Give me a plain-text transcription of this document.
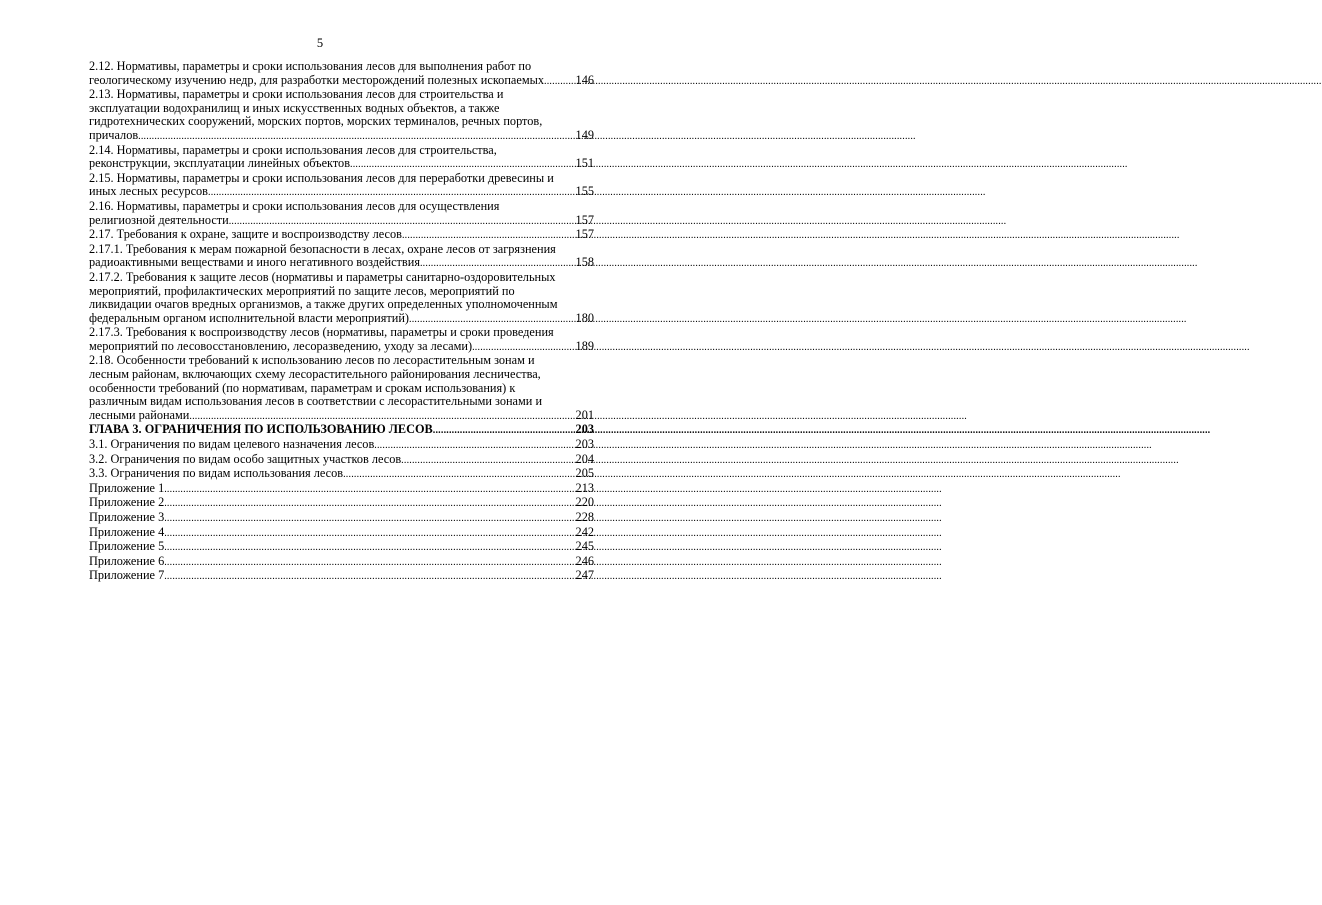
5
2.12. Нормативы, параметры и сроки использования лесов для выполнения работ по
геологическому изучению недр, для разработки месторождений полезных ископаемых .....	146
2.13. Нормативы, параметры и сроки использования лесов для строительства и
эксплуатации водохранилищ и иных искусственных водных объектов, а также
гидротехнических сооружений, морских портов, морских терминалов, речных портов,
причалов .....	149
2.14. Нормативы, параметры и сроки использования лесов для строительства,
реконструкции, эксплуатации линейных объектов .....	151
2.15. Нормативы, параметры и сроки использования лесов для переработки древесины и
иных лесных ресурсов .....	155
2.16. Нормативы, параметры и сроки использования лесов для осуществления
религиозной деятельности .....	157
2.17. Требования к охране, защите и воспроизводству лесов .....	157
2.17.1. Требования к мерам пожарной безопасности в лесах, охране лесов от загрязнения
радиоактивными веществами и иного негативного воздействия .....	158
2.17.2. Требования к защите лесов (нормативы и параметры санитарно-оздоровительных
мероприятий, профилактических мероприятий по защите лесов, мероприятий по
ликвидации очагов вредных организмов, а также других определенных уполномоченным
федеральным органом исполнительной власти мероприятий) .....	180
2.17.3. Требования к воспроизводству лесов (нормативы, параметры и сроки проведения
мероприятий по лесовосстановлению, лесоразведению, уходу за лесами) .....	189
2.18. Особенности требований к использованию лесов по лесорастительным зонам и
лесным районам, включающих схему лесорастительного районирования лесничества,
особенности требований (по нормативам, параметрам и срокам использования) к
различным видам использования лесов в соответствии с лесорастительными зонами и
лесными районами .....	201
ГЛАВА 3. ОГРАНИЧЕНИЯ ПО ИСПОЛЬЗОВАНИЮ ЛЕСОВ .....	203
3.1. Ограничения по видам целевого назначения лесов .....	203
3.2. Ограничения по видам особо защитных участков лесов .....	204
3.3. Ограничения по видам использования лесов .....	205
Приложение 1 .....	213
Приложение 2 .....	220
Приложение 3 .....	228
Приложение 4 .....	242
Приложение 5 .....	245
Приложение 6 .....	246
Приложение 7 .....	247
